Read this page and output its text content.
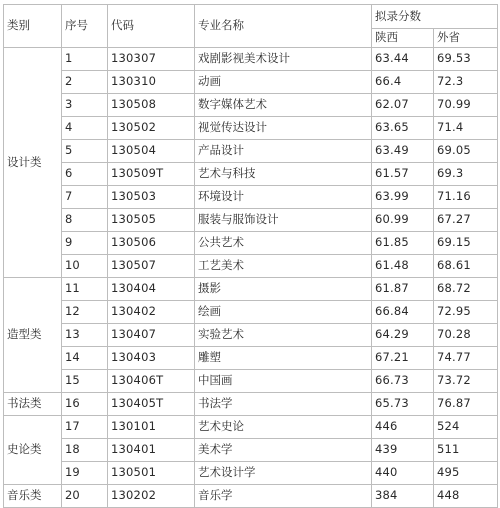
类别	序号	代码	专业名称	拟录分数	
				陕西	外省
设计类	1	130307	戏剧影视美术设计	63.44	69.53
	2	130310	动画	66.4	72.3
	3	130508	数字媒体艺术	62.07	70.99
	4	130502	视觉传达设计	63.65	71.4
	5	130504	产品设计	63.49	69.05
	6	130509T	艺术与科技	61.57	69.3
	7	130503	环境设计	63.99	71.16
	8	130505	服装与服饰设计	60.99	67.27
	9	130506	公共艺术	61.85	69.15
	10	130507	工艺美术	61.48	68.61
造型类	11	130404	摄影	61.87	68.72
	12	130402	绘画	66.84	72.95
	13	130407	实验艺术	64.29	70.28
	14	130403	雕塑	67.21	74.77
	15	130406T	中国画	66.73	73.72
书法类	16	130405T	书法学	65.73	76.87
史论类	17	130101	艺术史论	446	524
	18	130401	美术学	439	511
	19	130501	艺术设计学	440	495
音乐类	20	130202	音乐学	384	448
